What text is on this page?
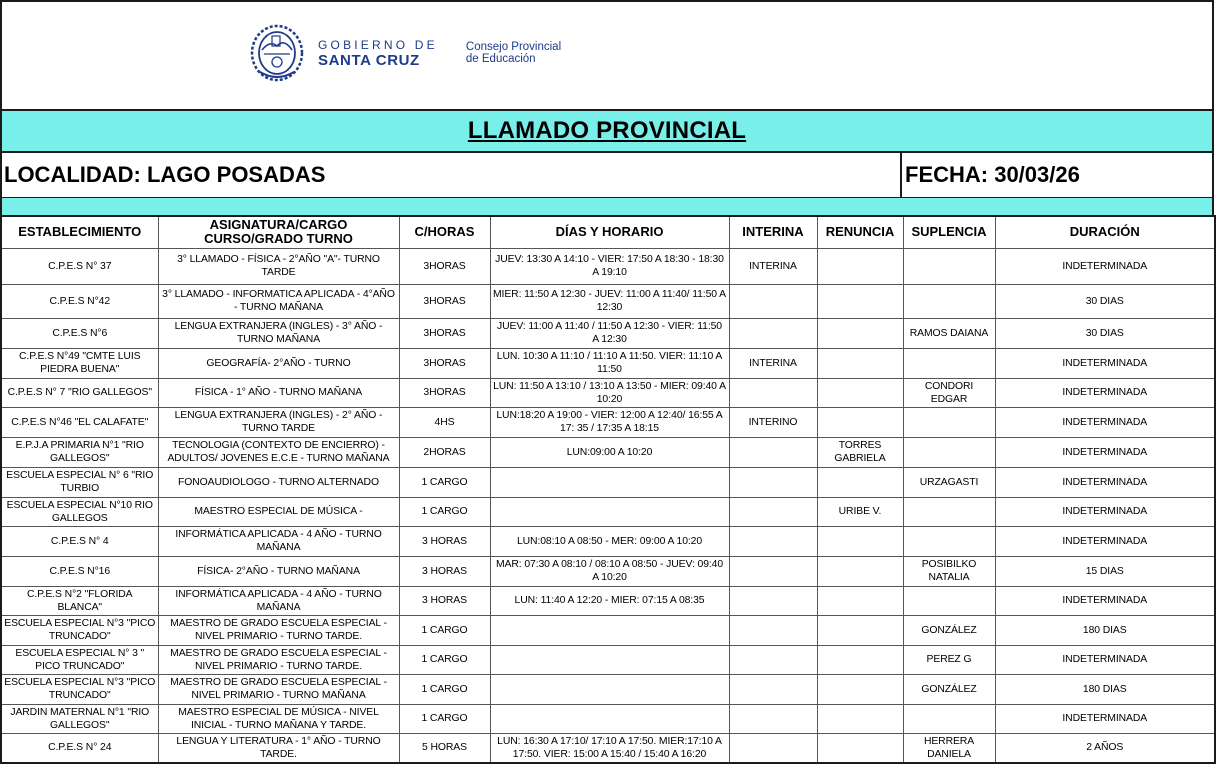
GOBIERNO DE
SANTA CRUZ
Consejo Provincial
de Educación
LLAMADO PROVINCIAL
LOCALIDAD: LAGO POSADAS	FECHA: 30/03/26
ESTABLECIMIENTO	ASIGNATURA/CARGO CURSO/GRADO TURNO	C/HORAS	DÍAS Y HORARIO	INTERINA	RENUNCIA	SUPLENCIA	DURACIÓN
C.P.E.S N° 37	3° LLAMADO - FÍSICA - 2°AÑO "A"- TURNO TARDE	3HORAS	JUEV: 13:30 A 14:10 - VIER: 17:50 A 18:30 - 18:30 A 19:10	INTERINA			INDETERMINADA
C.P.E.S N°42	3° LLAMADO - INFORMATICA APLICADA - 4°AÑO - TURNO MAÑANA	3HORAS	MIER: 11:50 A 12:30 - JUEV: 11:00 A 11:40/ 11:50 A 12:30				30 DIAS
C.P.E.S N°6	LENGUA EXTRANJERA (INGLES) - 3° AÑO -TURNO MAÑANA	3HORAS	JUEV: 11:00 A 11:40 / 11:50 A 12:30 - VIER: 11:50 A 12:30			RAMOS DAIANA	30 DIAS
C.P.E.S N°49 "CMTE LUIS PIEDRA BUENA"	GEOGRAFÍA- 2°AÑO - TURNO	3HORAS	LUN. 10:30 A 11:10 / 11:10 A 11:50. VIER: 11:10 A 11:50	INTERINA			INDETERMINADA
C.P.E.S N° 7 "RIO GALLEGOS"	FÍSICA - 1° AÑO - TURNO MAÑANA	3HORAS	LUN: 11:50 A 13:10 / 13:10 A 13:50 - MIER: 09:40 A 10:20			CONDORI EDGAR	INDETERMINADA
C.P.E.S N°46 "EL CALAFATE"	LENGUA EXTRANJERA (INGLES) - 2° AÑO -TURNO TARDE	4HS	LUN:18:20 A 19:00 - VIER: 12:00 A 12:40/ 16:55 A 17: 35 / 17:35 A 18:15	INTERINO			INDETERMINADA
E.P.J.A PRIMARIA N°1 "RIO GALLEGOS"	TECNOLOGIA (CONTEXTO DE ENCIERRO) - ADULTOS/ JOVENES E.C.E - TURNO MAÑANA	2HORAS	LUN:09:00 A 10:20		TORRES GABRIELA		INDETERMINADA
ESCUELA ESPECIAL N° 6 "RIO TURBIO	FONOAUDIOLOGO - TURNO ALTERNADO	1 CARGO				URZAGASTI	INDETERMINADA
ESCUELA ESPECIAL N°10 RIO GALLEGOS	MAESTRO ESPECIAL DE MÚSICA -	1 CARGO			URIBE V.		INDETERMINADA
C.P.E.S N° 4	INFORMÁTICA APLICADA - 4 AÑO - TURNO MAÑANA	3 HORAS	LUN:08:10 A 08:50 - MER: 09:00 A 10:20				INDETERMINADA
C.P.E.S N°16	FÍSICA- 2°AÑO - TURNO MAÑANA	3 HORAS	MAR: 07:30 A 08:10 / 08:10 A 08:50 - JUEV: 09:40 A 10:20			POSIBILKO NATALIA	15 DIAS
C.P.E.S N°2 "FLORIDA BLANCA"	INFORMÁTICA APLICADA - 4 AÑO - TURNO MAÑANA	3 HORAS	LUN: 11:40 A 12:20 - MIER: 07:15 A 08:35				INDETERMINADA
ESCUELA ESPECIAL N°3 "PICO TRUNCADO"	MAESTRO DE GRADO ESCUELA ESPECIAL - NIVEL PRIMARIO - TURNO TARDE.	1 CARGO				GONZÁLEZ	180 DIAS
ESCUELA ESPECIAL N° 3 " PICO TRUNCADO"	MAESTRO DE GRADO ESCUELA ESPECIAL - NIVEL PRIMARIO - TURNO TARDE.	1 CARGO				PEREZ G	INDETERMINADA
ESCUELA ESPECIAL N°3 "PICO TRUNCADO"	MAESTRO DE GRADO ESCUELA ESPECIAL - NIVEL PRIMARIO - TURNO MAÑANA	1 CARGO				GONZÁLEZ	180 DIAS
JARDIN MATERNAL N°1 "RIO GALLEGOS"	MAESTRO ESPECIAL DE MÚSICA - NIVEL INICIAL - TURNO MAÑANA Y TARDE.	1 CARGO					INDETERMINADA
C.P.E.S N° 24	LENGUA Y LITERATURA - 1° AÑO - TURNO TARDE.	5 HORAS	LUN: 16:30 A 17:10/ 17:10 A 17:50. MIER:17:10 A 17:50. VIER: 15:00 A 15:40 / 15:40 A 16:20			HERRERA DANIELA	2 AÑOS
